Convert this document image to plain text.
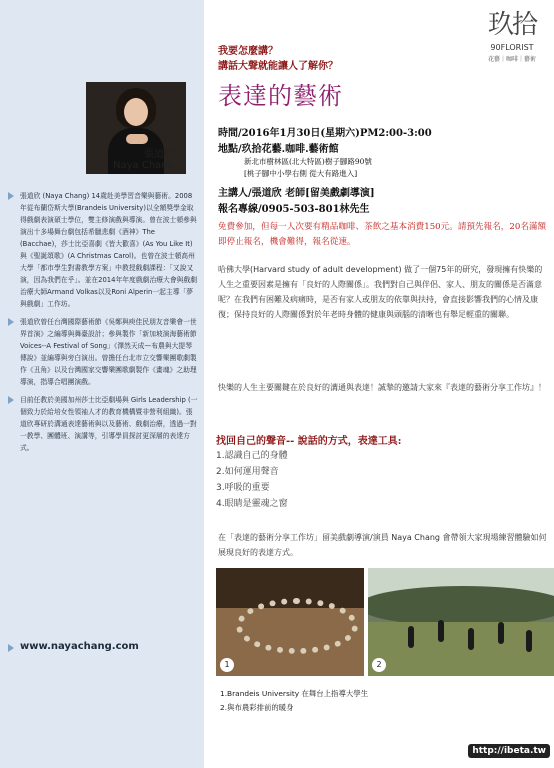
張道欣
Naya Chang
張道欣 (Naya Chang) 14歲赴美學習音樂與藝術。2008年從布蘭岱斯大學(Brandeis University)以全額獎學金取得戲劇表演碩士學位，雙主修演戲與導演。曾在波士頓參與演出十多場舞台劇包括希臘悲劇《酒神》The (Bacchae)，莎士比亞喜劇《皆大歡喜》(As You Like It)與《聖誕頌歌》(A Christmas Carol)。也曾在波士頓高州大學「都市學生對書教學方案」中教授戲劇課程：「又說又演，因為我們在乎」。並在2014年年度戲劇治療大會與戲劇治療大師Armand Volkas以及Roni Alperin一起主導「夢與戲劇」工作坊。
張道欣曾任台灣國際藝術節《吳鄭與庾佳民朋友音樂會一世界首演》之編導與舞臺設計；參與製作「新加坡演海藝術節 Voices--A Festival of Song」《澤然天成—布農與大提琴傳說》並編導與旁白演出。曾擔任台北市立交響樂團歌劇製作《丑角》以及台灣國家交響樂團歌劇製作《畫魂》之助理導演，指導合唱團演戲。
目前任教於美國加州莎士比亞劇場與 Girls Leadership (一個致力於給培女性領袖人才的教育機構暨非營利組織)。張道欣專研於溝通表達藝術與以及藝術、戲劇治療，透過一對一教學、團體班、演講等，引導學員探討更深層的表達方式。
www.nayachang.com
玖拾
90FLORIST
花藝｜咖啡｜藝術
我要怎麼講？
講話大聲就能讓人了解你？
表達的藝術
時間/2016年1月30日(星期六)PM2:00-3:00
地點/玖拾花藝.咖啡.藝術館
新北市樹林區(北大特區)樹子腳路90號
[桃子腳中小學右側 從大有路進入]
主講人/張道欣 老師[留美戲劇導演]
報名專線/0905-503-801林先生
免費參加，但每一人次要有精品咖啡、茶飲之基本消費150元。請預先報名，20名滿額即停止報名，機會難得，報名從速。
哈佛大學(Harvard study of adult development) 做了一個75年的研究，發現擁有快樂的人生之重要因素是擁有「良好的人際關係」。我們對自己與伴侶、家人、朋友的關係是否滿意呢？在我們有困難及病痛時，是否有家人或朋友的依靠與扶持，會直接影響我們的心情及康復；保持良好的人際關係對於年老時身體的健康與頭腦的清晰也有舉足輕重的關聯。
快樂的人生主要關鍵在於良好的溝通與表達！誠摯的邀請大家來『表達的藝術分享工作坊』！
找回自己的聲音-- 說話的方式，表達工具:
1.認識自己的身體
2.如何運用聲音
3.呼吸的重要
4.眼睛是靈魂之窗
在「表達的藝術分享工作坊」留美戲劇導演/演員 Naya Chang 會帶領大家現場練習體驗如何展現良好的表達方式。
1	2
1.Brandeis University 在舞台上指導大學生
2.與布農彩排前的暖身
http://ibeta.tw
